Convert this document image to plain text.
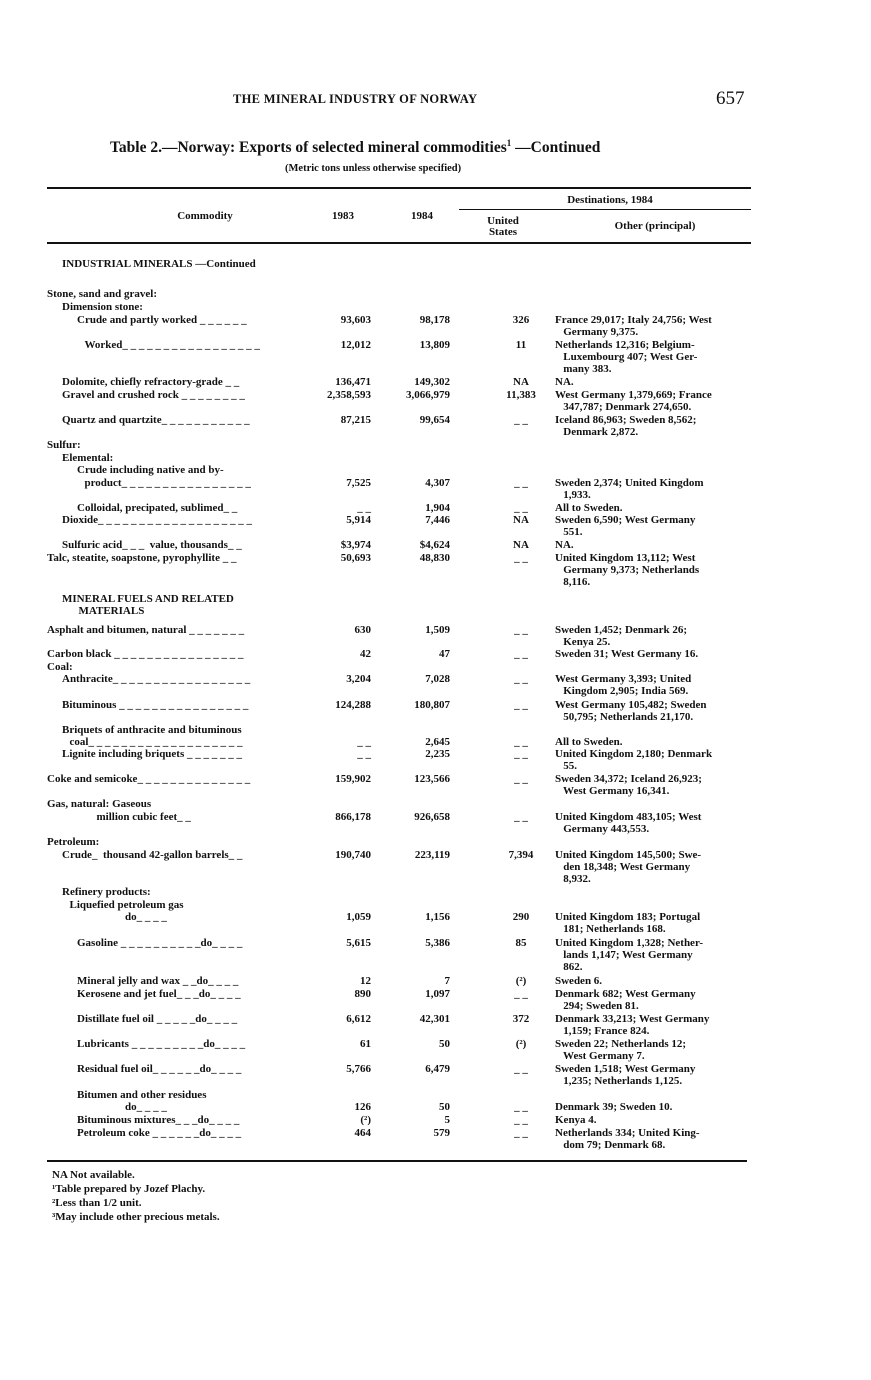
THE MINERAL INDUSTRY OF NORWAY	657
Table 2.—Norway: Exports of selected mineral commodities$^1$ —Continued
(Metric tons unless otherwise specified)
Commodity	1983	1984
Destinations, 1984
United States	Other (principal)
INDUSTRIAL MINERALS —Continued
Stone, sand and gravel:
Dimension stone:
Crude and partly worked _ _ _ _ _ _	93,603	98,178	326	France 29,017; Italy 24,756; West
Germany 9,375.
Worked_ _ _ _ _ _ _ _ _ _ _ _ _ _ _ _ _	12,012	13,809	11	Netherlands 12,316; Belgium-
Luxembourg 407; West Ger-
many 383.
Dolomite, chiefly refractory-grade _ _	136,471	149,302	NA	NA.
Gravel and crushed rock _ _ _ _ _ _ _ _	2,358,593	3,066,979	11,383	West Germany 1,379,669; France
347,787; Denmark 274,650.
Quartz and quartzite_ _ _ _ _ _ _ _ _ _ _	87,215	99,654	_ _	Iceland 86,963; Sweden 8,562;
Denmark 2,872.
Sulfur:
Elemental:
Crude including native and by-
product_ _ _ _ _ _ _ _ _ _ _ _ _ _ _ _	7,525	4,307	_ _	Sweden 2,374; United Kingdom
1,933.
Colloidal, precipated, sublimed_ _	_ _	1,904	_ _	All to Sweden.
Dioxide_ _ _ _ _ _ _ _ _ _ _ _ _ _ _ _ _ _ _	5,914	7,446	NA	Sweden 6,590; West Germany
551.
Sulfuric acid_ _ _  value, thousands_ _	$3,974	$4,624	NA	NA.
Talc, steatite, soapstone, pyrophyllite _ _	50,693	48,830	_ _	United Kingdom 13,112; West
Germany 9,373; Netherlands
8,116.
MINERAL FUELS AND RELATED
MATERIALS
Asphalt and bitumen, natural _ _ _ _ _ _ _	630	1,509	_ _	Sweden 1,452; Denmark 26;
Kenya 25.
Carbon black _ _ _ _ _ _ _ _ _ _ _ _ _ _ _ _	42	47	_ _	Sweden 31; West Germany 16.
Coal:
Anthracite_ _ _ _ _ _ _ _ _ _ _ _ _ _ _ _ _	3,204	7,028	_ _	West Germany 3,393; United
Kingdom 2,905; India 569.
Bituminous _ _ _ _ _ _ _ _ _ _ _ _ _ _ _ _	124,288	180,807	_ _	West Germany 105,482; Sweden
50,795; Netherlands 21,170.
Briquets of anthracite and bituminous
coal_ _ _ _ _ _ _ _ _ _ _ _ _ _ _ _ _ _ _	_ _	2,645	_ _	All to Sweden.
Lignite including briquets _ _ _ _ _ _ _	_ _	2,235	_ _	United Kingdom 2,180; Denmark
55.
Coke and semicoke_ _ _ _ _ _ _ _ _ _ _ _ _ _	159,902	123,566	_ _	Sweden 34,372; Iceland 26,923;
West Germany 16,341.
Gas, natural: Gaseous
million cubic feet_ _	866,178	926,658	_ _	United Kingdom 483,105; West
Germany 443,553.
Petroleum:
Crude_  thousand 42-gallon barrels_ _	190,740	223,119	7,394	United Kingdom 145,500; Swe-
den 18,348; West Germany
8,932.
Refinery products:
Liquefied petroleum gas
do_ _ _ _	1,059	1,156	290	United Kingdom 183; Portugal
181; Netherlands 168.
Gasoline _ _ _ _ _ _ _ _ _ _do_ _ _ _	5,615	5,386	85	United Kingdom 1,328; Nether-
lands 1,147; West Germany
862.
Mineral jelly and wax _ _do_ _ _ _	12	7	(²)	Sweden 6.
Kerosene and jet fuel_ _ _do_ _ _ _	890	1,097	_ _	Denmark 682; West Germany
294; Sweden 81.
Distillate fuel oil _ _ _ _ _do_ _ _ _	6,612	42,301	372	Denmark 33,213; West Germany
1,159; France 824.
Lubricants _ _ _ _ _ _ _ _ _do_ _ _ _	61	50	(²)	Sweden 22; Netherlands 12;
West Germany 7.
Residual fuel oil_ _ _ _ _ _do_ _ _ _	5,766	6,479	_ _	Sweden 1,518; West Germany
1,235; Netherlands 1,125.
Bitumen and other residues
do_ _ _ _	126	50	_ _	Denmark 39; Sweden 10.
Bituminous mixtures_ _ _do_ _ _ _	(²)	5	_ _	Kenya 4.
Petroleum coke _ _ _ _ _ _do_ _ _ _	464	579	_ _	Netherlands 334; United King-
dom 79; Denmark 68.
NA Not available.
¹Table prepared by Jozef Plachy.
²Less than 1/2 unit.
³May include other precious metals.
